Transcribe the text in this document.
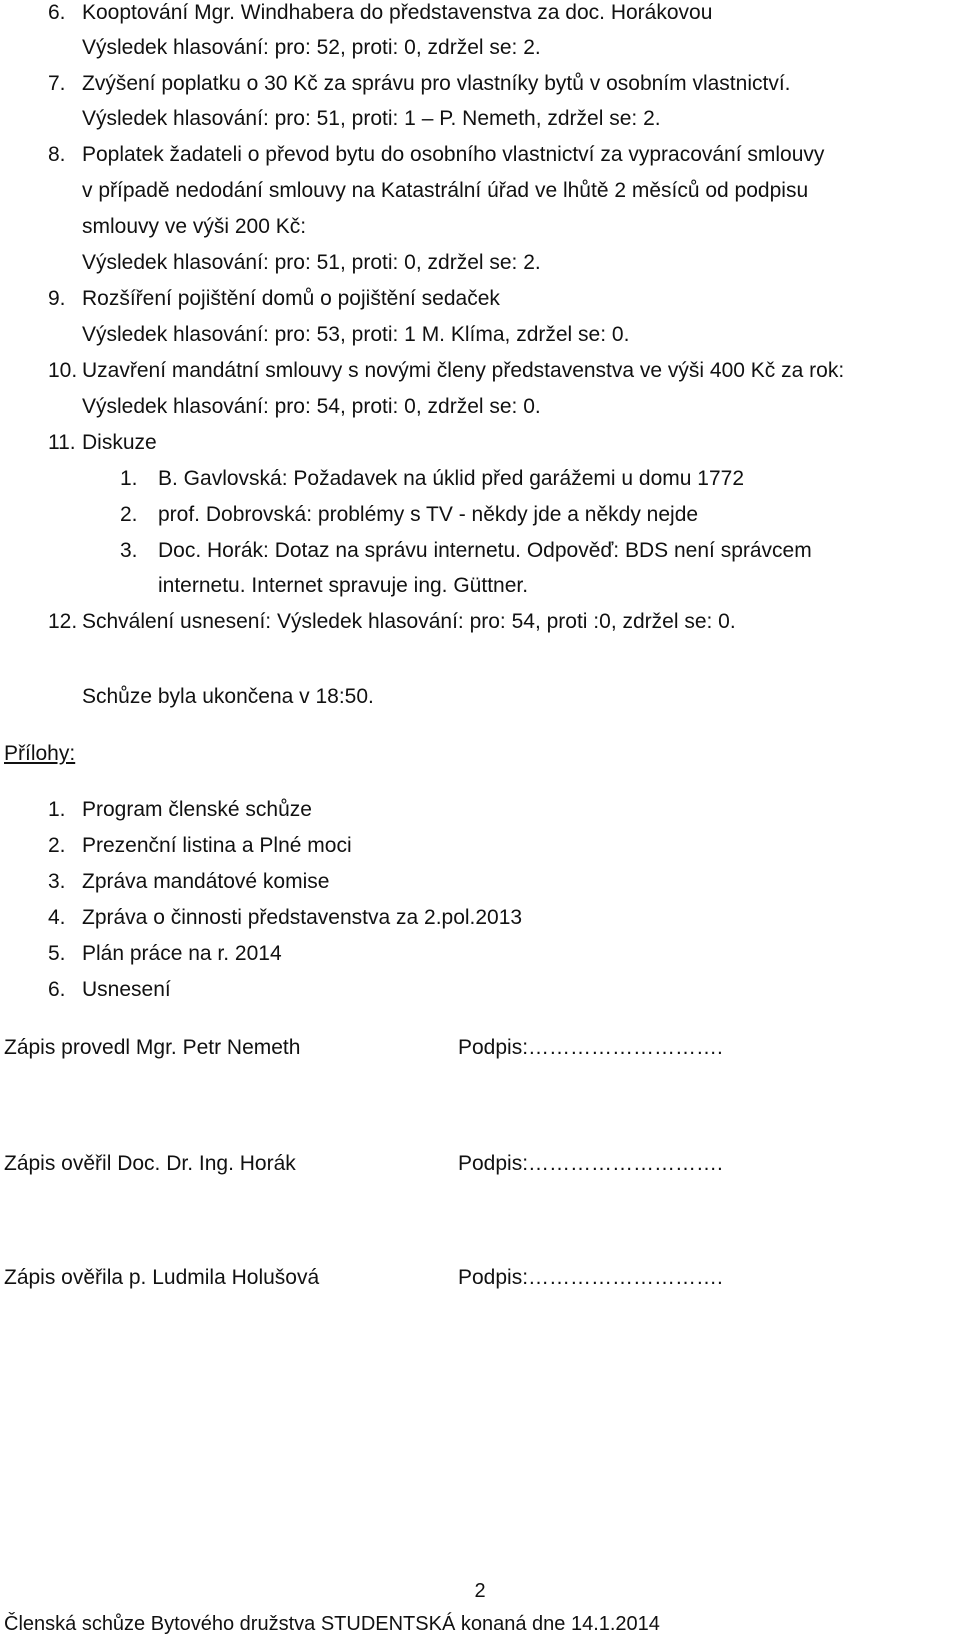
6. Kooptování Mgr. Windhabera do představenstva za doc. Horákovou
Výsledek hlasování: pro: 52, proti: 0, zdržel se: 2.
7. Zvýšení poplatku o 30 Kč za správu pro vlastníky bytů v osobním vlastnictví.
Výsledek hlasování: pro: 51, proti: 1 – P. Nemeth, zdržel se: 2.
8. Poplatek žadateli o převod bytu do osobního vlastnictví za vypracování smlouvy
v případě nedodání smlouvy na Katastrální úřad ve lhůtě 2 měsíců od podpisu
smlouvy ve výši 200 Kč:
Výsledek hlasování: pro: 51, proti: 0, zdržel se: 2.
9. Rozšíření pojištění domů o pojištění sedaček
Výsledek hlasování: pro: 53, proti: 1 M. Klíma, zdržel se: 0.
10. Uzavření mandátní smlouvy s novými členy představenstva ve výši 400 Kč za rok:
Výsledek hlasování: pro: 54, proti: 0, zdržel se: 0.
11. Diskuze
1. B. Gavlovská: Požadavek na úklid před garážemi u domu 1772
2. prof. Dobrovská: problémy s TV - někdy jde a někdy nejde
3. Doc. Horák: Dotaz na správu internetu. Odpověď: BDS není správcem
internetu. Internet spravuje ing. Güttner.
12. Schválení usnesení: Výsledek hlasování: pro: 54, proti :0, zdržel se: 0.
Schůze byla ukončena v 18:50.
Přílohy:
1. Program členské schůze
2. Prezenční listina a Plné moci
3. Zpráva mandátové komise
4. Zpráva o činnosti představenstva za 2.pol.2013
5. Plán práce na r. 2014
6. Usnesení
Zápis provedl Mgr. Petr Nemeth	Podpis:……………………….
Zápis ověřil Doc. Dr. Ing. Horák	Podpis:……………………….
Zápis ověřila p. Ludmila Holušová	Podpis:……………………….
2
Členská schůze Bytového družstva STUDENTSKÁ konaná dne 14.1.2014
